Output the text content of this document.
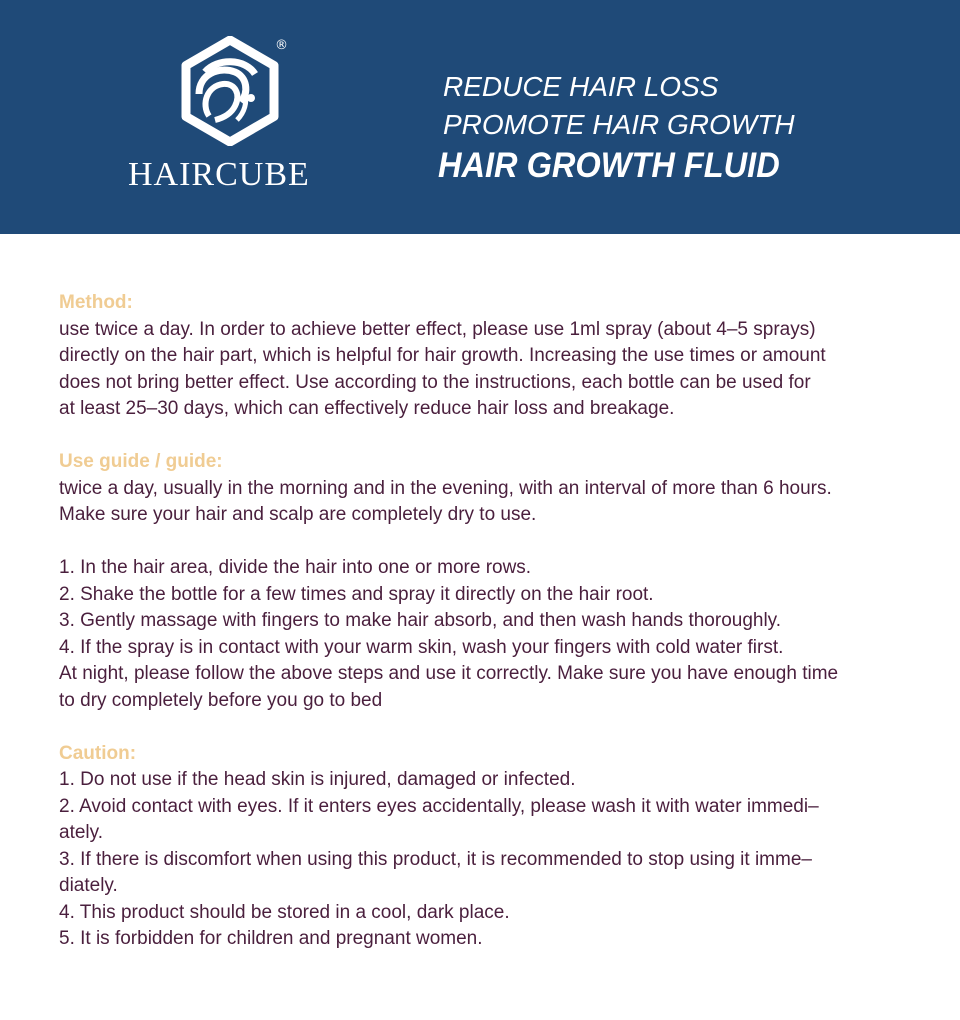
®
HAIRCUBE
REDUCE HAIR LOSS
PROMOTE HAIR GROWTH
HAIR GROWTH FLUID
Method:
use twice a day. In order to achieve better effect, please use 1ml spray (about 4–5 sprays)
directly on the hair part, which is helpful for hair growth. Increasing the use times or amount
does not bring better effect. Use according to the instructions, each bottle can be used for
at least 25–30 days, which can effectively reduce hair loss and breakage.
Use guide / guide:
twice a day, usually in the morning and in the evening, with an interval of more than 6 hours.
Make sure your hair and scalp are completely dry to use.
1. In the hair area, divide the hair into one or more rows.
2. Shake the bottle for a few times and spray it directly on the hair root.
3. Gently massage with fingers to make hair absorb, and then wash hands thoroughly.
4. If the spray is in contact with your warm skin, wash your fingers with cold water first.
At night, please follow the above steps and use it correctly. Make sure you have enough time
to dry completely before you go to bed
Caution:
1. Do not use if the head skin is injured, damaged or infected.
2. Avoid contact with eyes. If it enters eyes accidentally, please wash it with water immedi–
ately.
3. If there is discomfort when using this product, it is recommended to stop using it imme–
diately.
4. This product should be stored in a cool, dark place.
5. It is forbidden for children and pregnant women.
